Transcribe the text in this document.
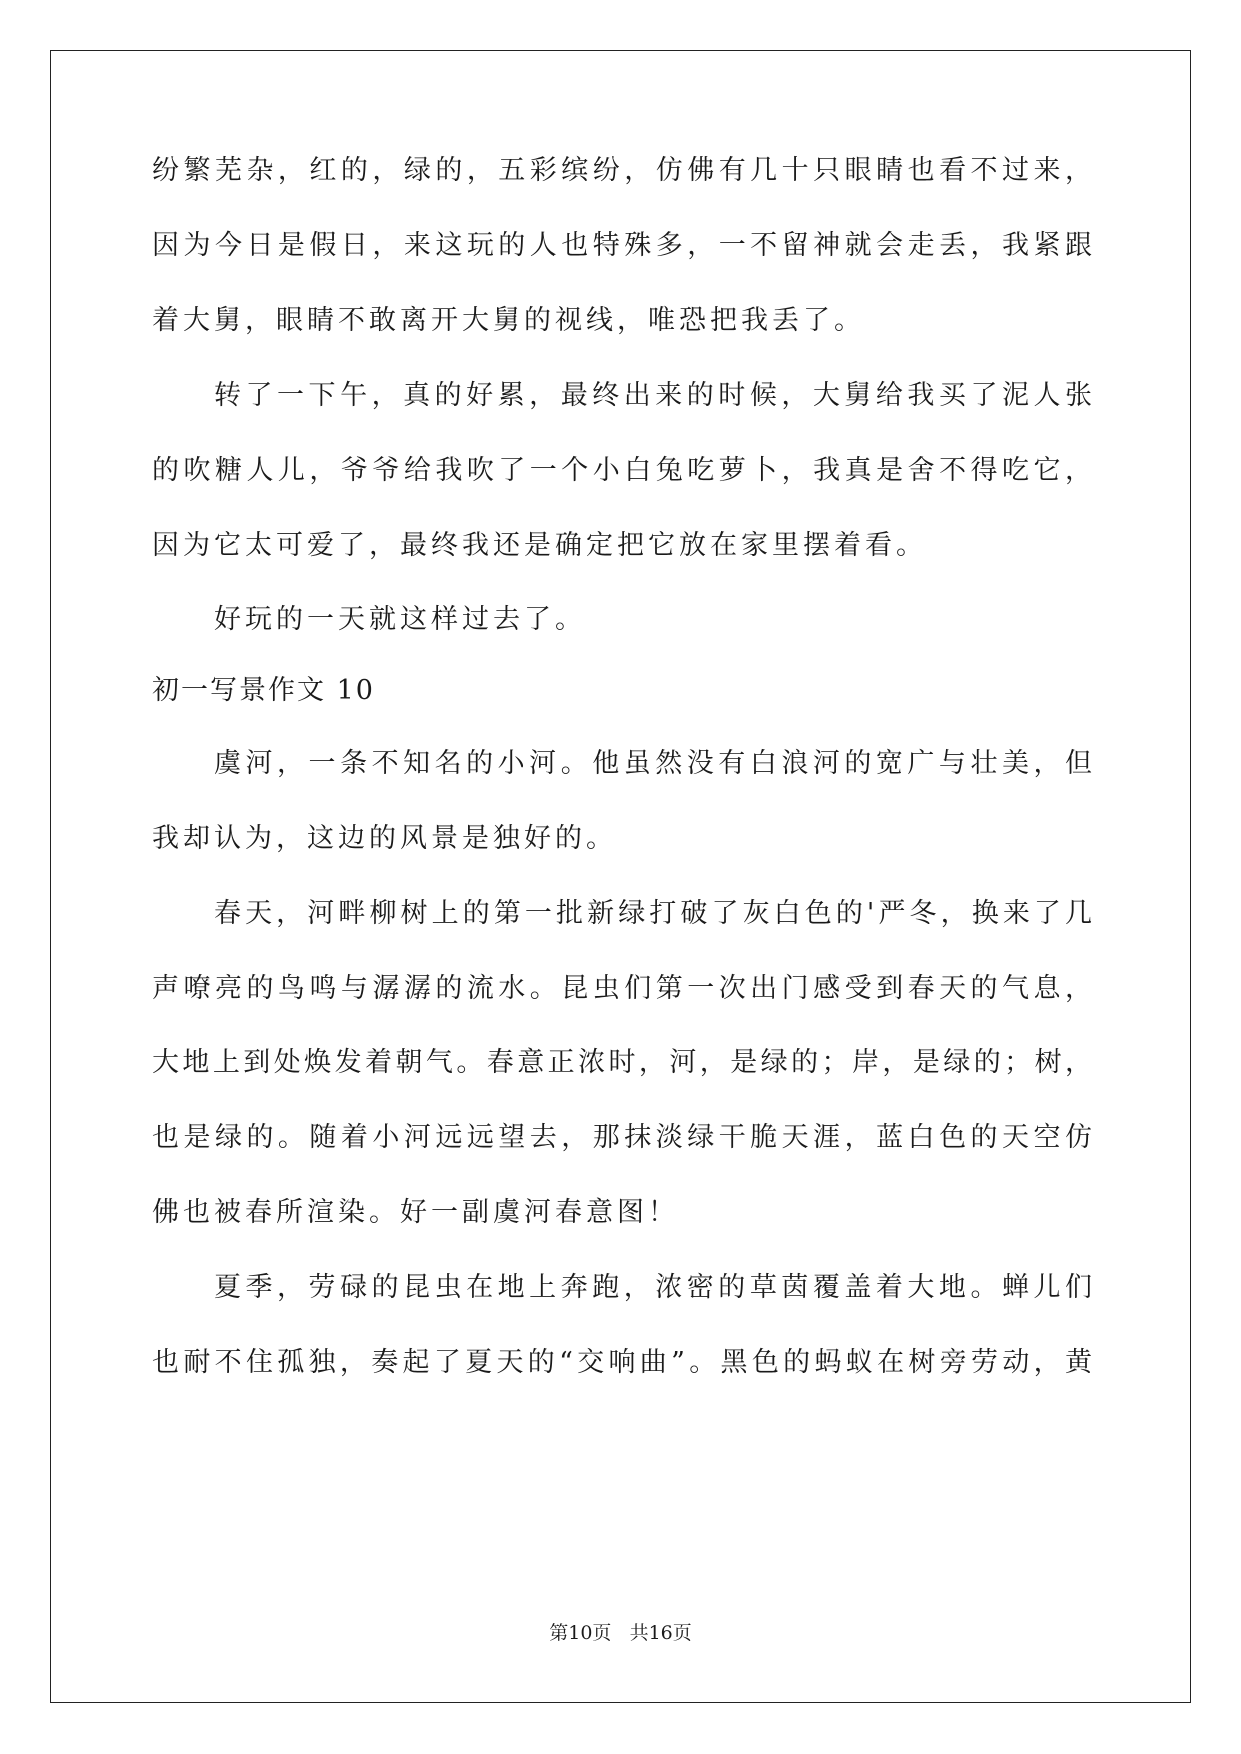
纷繁芜杂，红的，绿的，五彩缤纷，仿佛有几十只眼睛也看不过来，
因为今日是假日，来这玩的人也特殊多，一不留神就会走丢，我紧跟
着大舅，眼睛不敢离开大舅的视线，唯恐把我丢了。
转了一下午，真的好累，最终出来的时候，大舅给我买了泥人张
的吹糖人儿，爷爷给我吹了一个小白兔吃萝卜，我真是舍不得吃它，
因为它太可爱了，最终我还是确定把它放在家里摆着看。
好玩的一天就这样过去了。
初一写景作文 10
虞河，一条不知名的小河。他虽然没有白浪河的宽广与壮美，但
我却认为，这边的风景是独好的。
春天，河畔柳树上的第一批新绿打破了灰白色的'严冬，换来了几
声嘹亮的鸟鸣与潺潺的流水。昆虫们第一次出门感受到春天的气息，
大地上到处焕发着朝气。春意正浓时，河，是绿的；岸，是绿的；树，
也是绿的。随着小河远远望去，那抹淡绿干脆天涯，蓝白色的天空仿
佛也被春所渲染。好一副虞河春意图！
夏季，劳碌的昆虫在地上奔跑，浓密的草茵覆盖着大地。蝉儿们
也耐不住孤独，奏起了夏天的“交响曲”。黑色的蚂蚁在树旁劳动，黄
第10页 共16页
